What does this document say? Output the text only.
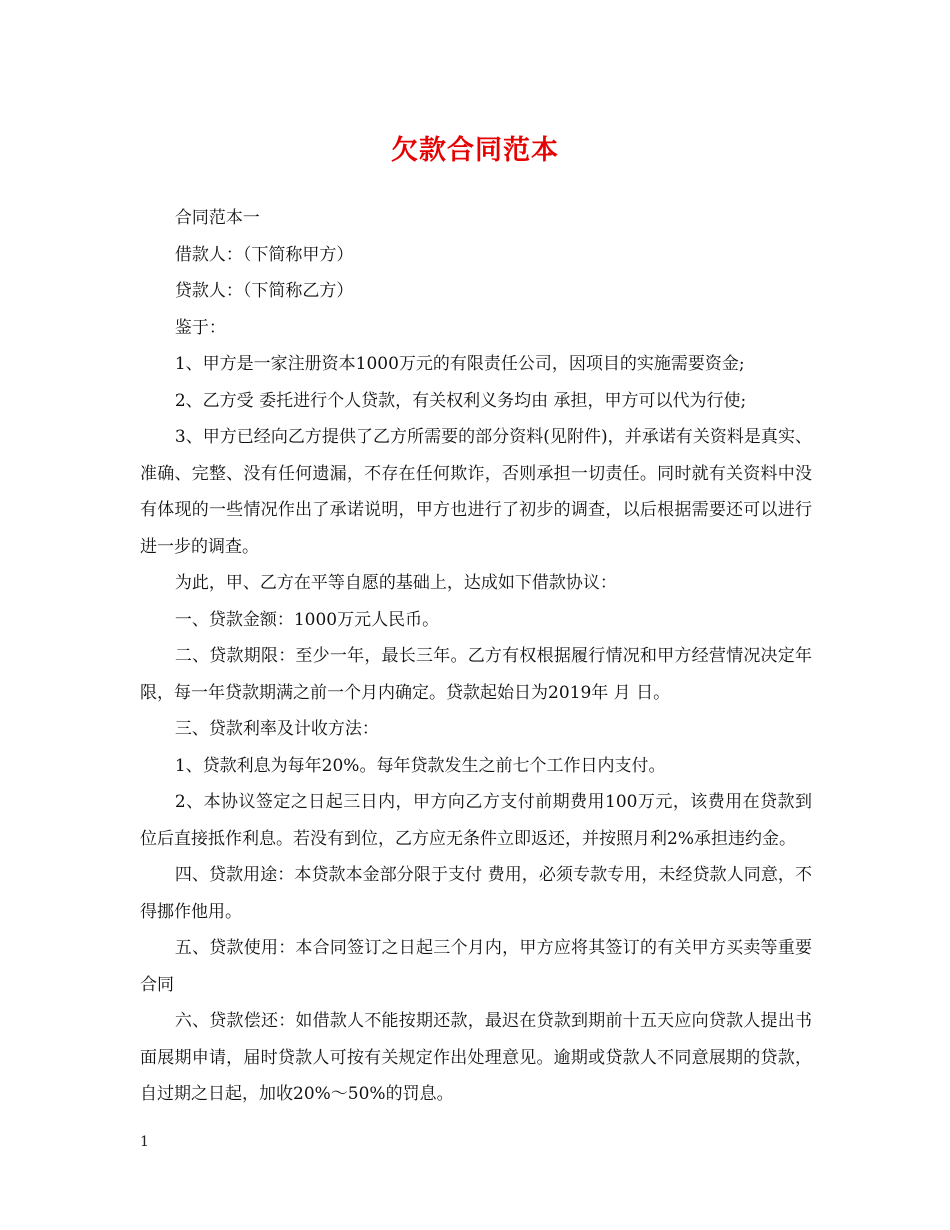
欠款合同范本

合同范本一

借款人：（下简称甲方）

贷款人：（下简称乙方）

鉴于：

1、甲方是一家注册资本1000万元的有限责任公司，因项目的实施需要资金;

2、乙方受 委托进行个人贷款，有关权利义务均由 承担，甲方可以代为行使;

3、甲方已经向乙方提供了乙方所需要的部分资料(见附件)，并承诺有关资料是真实、准确、完整、没有任何遗漏，不存在任何欺诈，否则承担一切责任。同时就有关资料中没有体现的一些情况作出了承诺说明，甲方也进行了初步的调查，以后根据需要还可以进行进一步的调查。

为此，甲、乙方在平等自愿的基础上，达成如下借款协议：

一、贷款金额：1000万元人民币。

二、贷款期限：至少一年，最长三年。乙方有权根据履行情况和甲方经营情况决定年限，每一年贷款期满之前一个月内确定。贷款起始日为2019年 月 日。

三、贷款利率及计收方法：

1、贷款利息为每年20%。每年贷款发生之前七个工作日内支付。

2、本协议签定之日起三日内，甲方向乙方支付前期费用100万元，该费用在贷款到位后直接抵作利息。若没有到位，乙方应无条件立即返还，并按照月利2%承担违约金。

四、贷款用途：本贷款本金部分限于支付 费用，必须专款专用，未经贷款人同意，不得挪作他用。

五、贷款使用：本合同签订之日起三个月内，甲方应将其签订的有关甲方买卖等重要合同

六、贷款偿还：如借款人不能按期还款，最迟在贷款到期前十五天应向贷款人提出书面展期申请，届时贷款人可按有关规定作出处理意见。逾期或贷款人不同意展期的贷款，自过期之日起，加收20%～50%的罚息。

1
